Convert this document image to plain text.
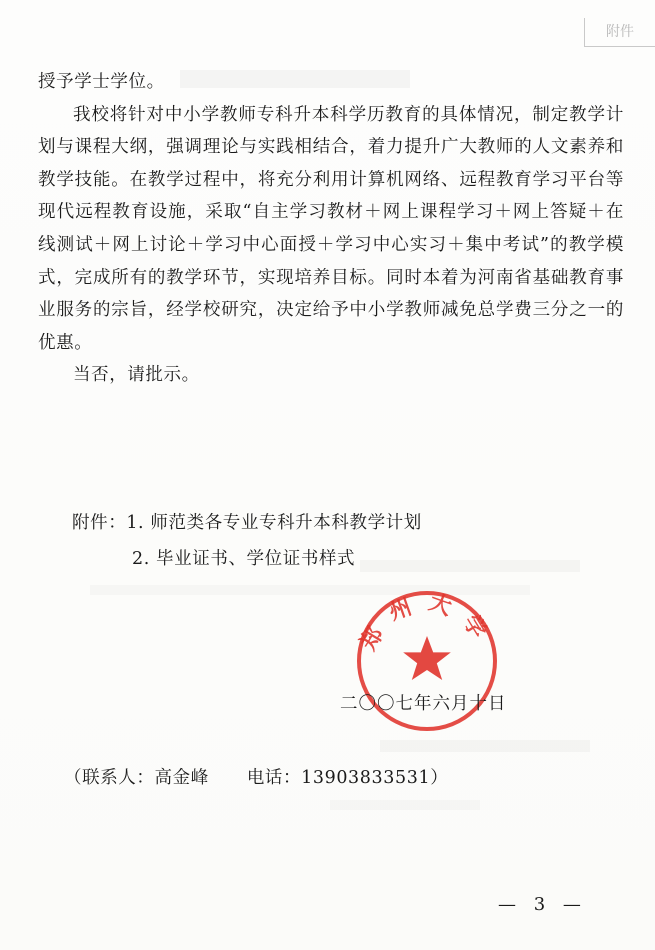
附件

授予学士学位。

我校将针对中小学教师专科升本科学历教育的具体情况，制定教学计划与课程大纲，强调理论与实践相结合，着力提升广大教师的人文素养和教学技能。在教学过程中，将充分利用计算机网络、远程教育学习平台等现代远程教育设施，采取“自主学习教材＋网上课程学习＋网上答疑＋在线测试＋网上讨论＋学习中心面授＋学习中心实习＋集中考试”的教学模式，完成所有的教学环节，实现培养目标。同时本着为河南省基础教育事业服务的宗旨，经学校研究，决定给予中小学教师减免总学费三分之一的优惠。

当否，请批示。

附件：1. 师范类各专业专科升本科教学计划
2. 毕业证书、学位证书样式
郑州大学
二〇〇七年六月十日
（联系人：高金峰 电话：13903833531）
— 3 —
